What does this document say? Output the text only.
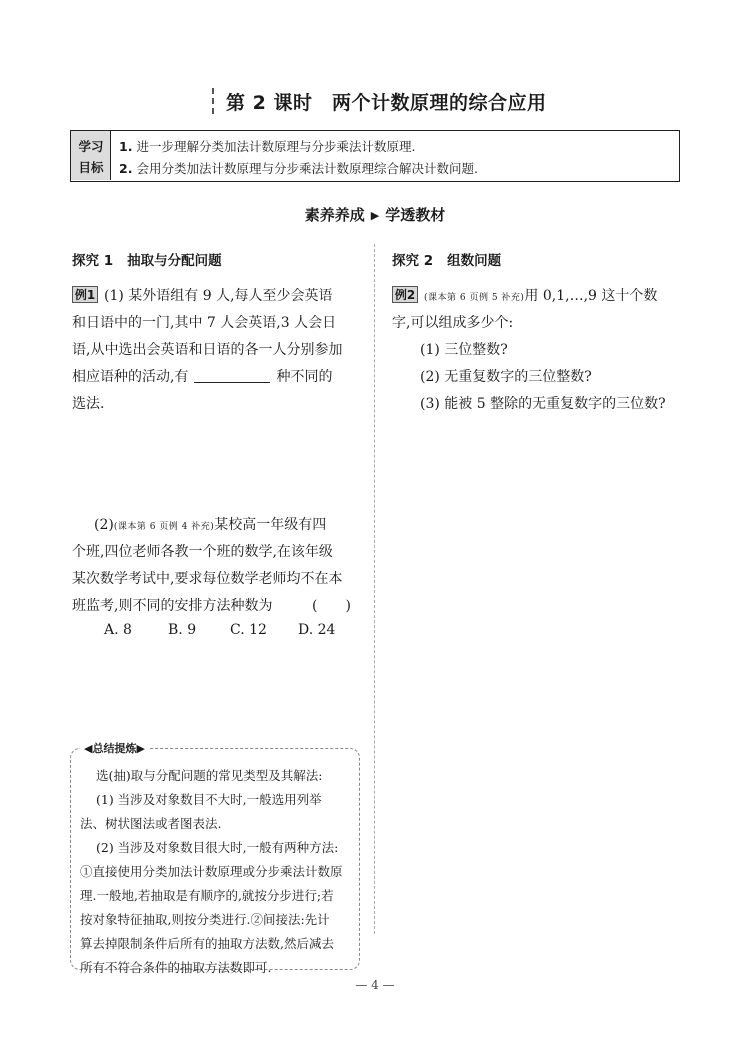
第 2 课时　两个计数原理的综合应用
学习
目标
1. 进一步理解分类加法计数原理与分步乘法计数原理.
2. 会用分类加法计数原理与分步乘法计数原理综合解决计数问题.
素养养成 ▶ 学透教材
探究 1 抽取与分配问题
例1 (1) 某外语组有 9 人,每人至少会英语
和日语中的一门,其中 7 人会英语,3 人会日
语,从中选出会英语和日语的各一人分别参加
相应语种的活动,有	种不同的
选法.
(2)(课本第 6 页例 4 补充)某校高一年级有四
个班,四位老师各教一个班的数学,在该年级
某次数学考试中,要求每位数学老师均不在本
班监考,则不同的安排方法种数为	(　　)
A. 8	B. 9 C. 12 D. 24
◀总结提炼▶
选(抽)取与分配问题的常见类型及其解法:
(1) 当涉及对象数目不大时,一般选用列举
法、树状图法或者图表法.
(2) 当涉及对象数目很大时,一般有两种方法:
①直接使用分类加法计数原理或分步乘法计数原
理.一般地,若抽取是有顺序的,就按分步进行;若
按对象特征抽取,则按分类进行.②间接法:先计
算去掉限制条件后所有的抽取方法数,然后减去
所有不符合条件的抽取方法数即可.
探究 2 组数问题
例2 (课本第 6 页例 5 补充)用 0,1,…,9 这十个数
字,可以组成多少个:
(1) 三位整数?
(2) 无重复数字的三位整数?
(3) 能被 5 整除的无重复数字的三位数?
— 4 —
